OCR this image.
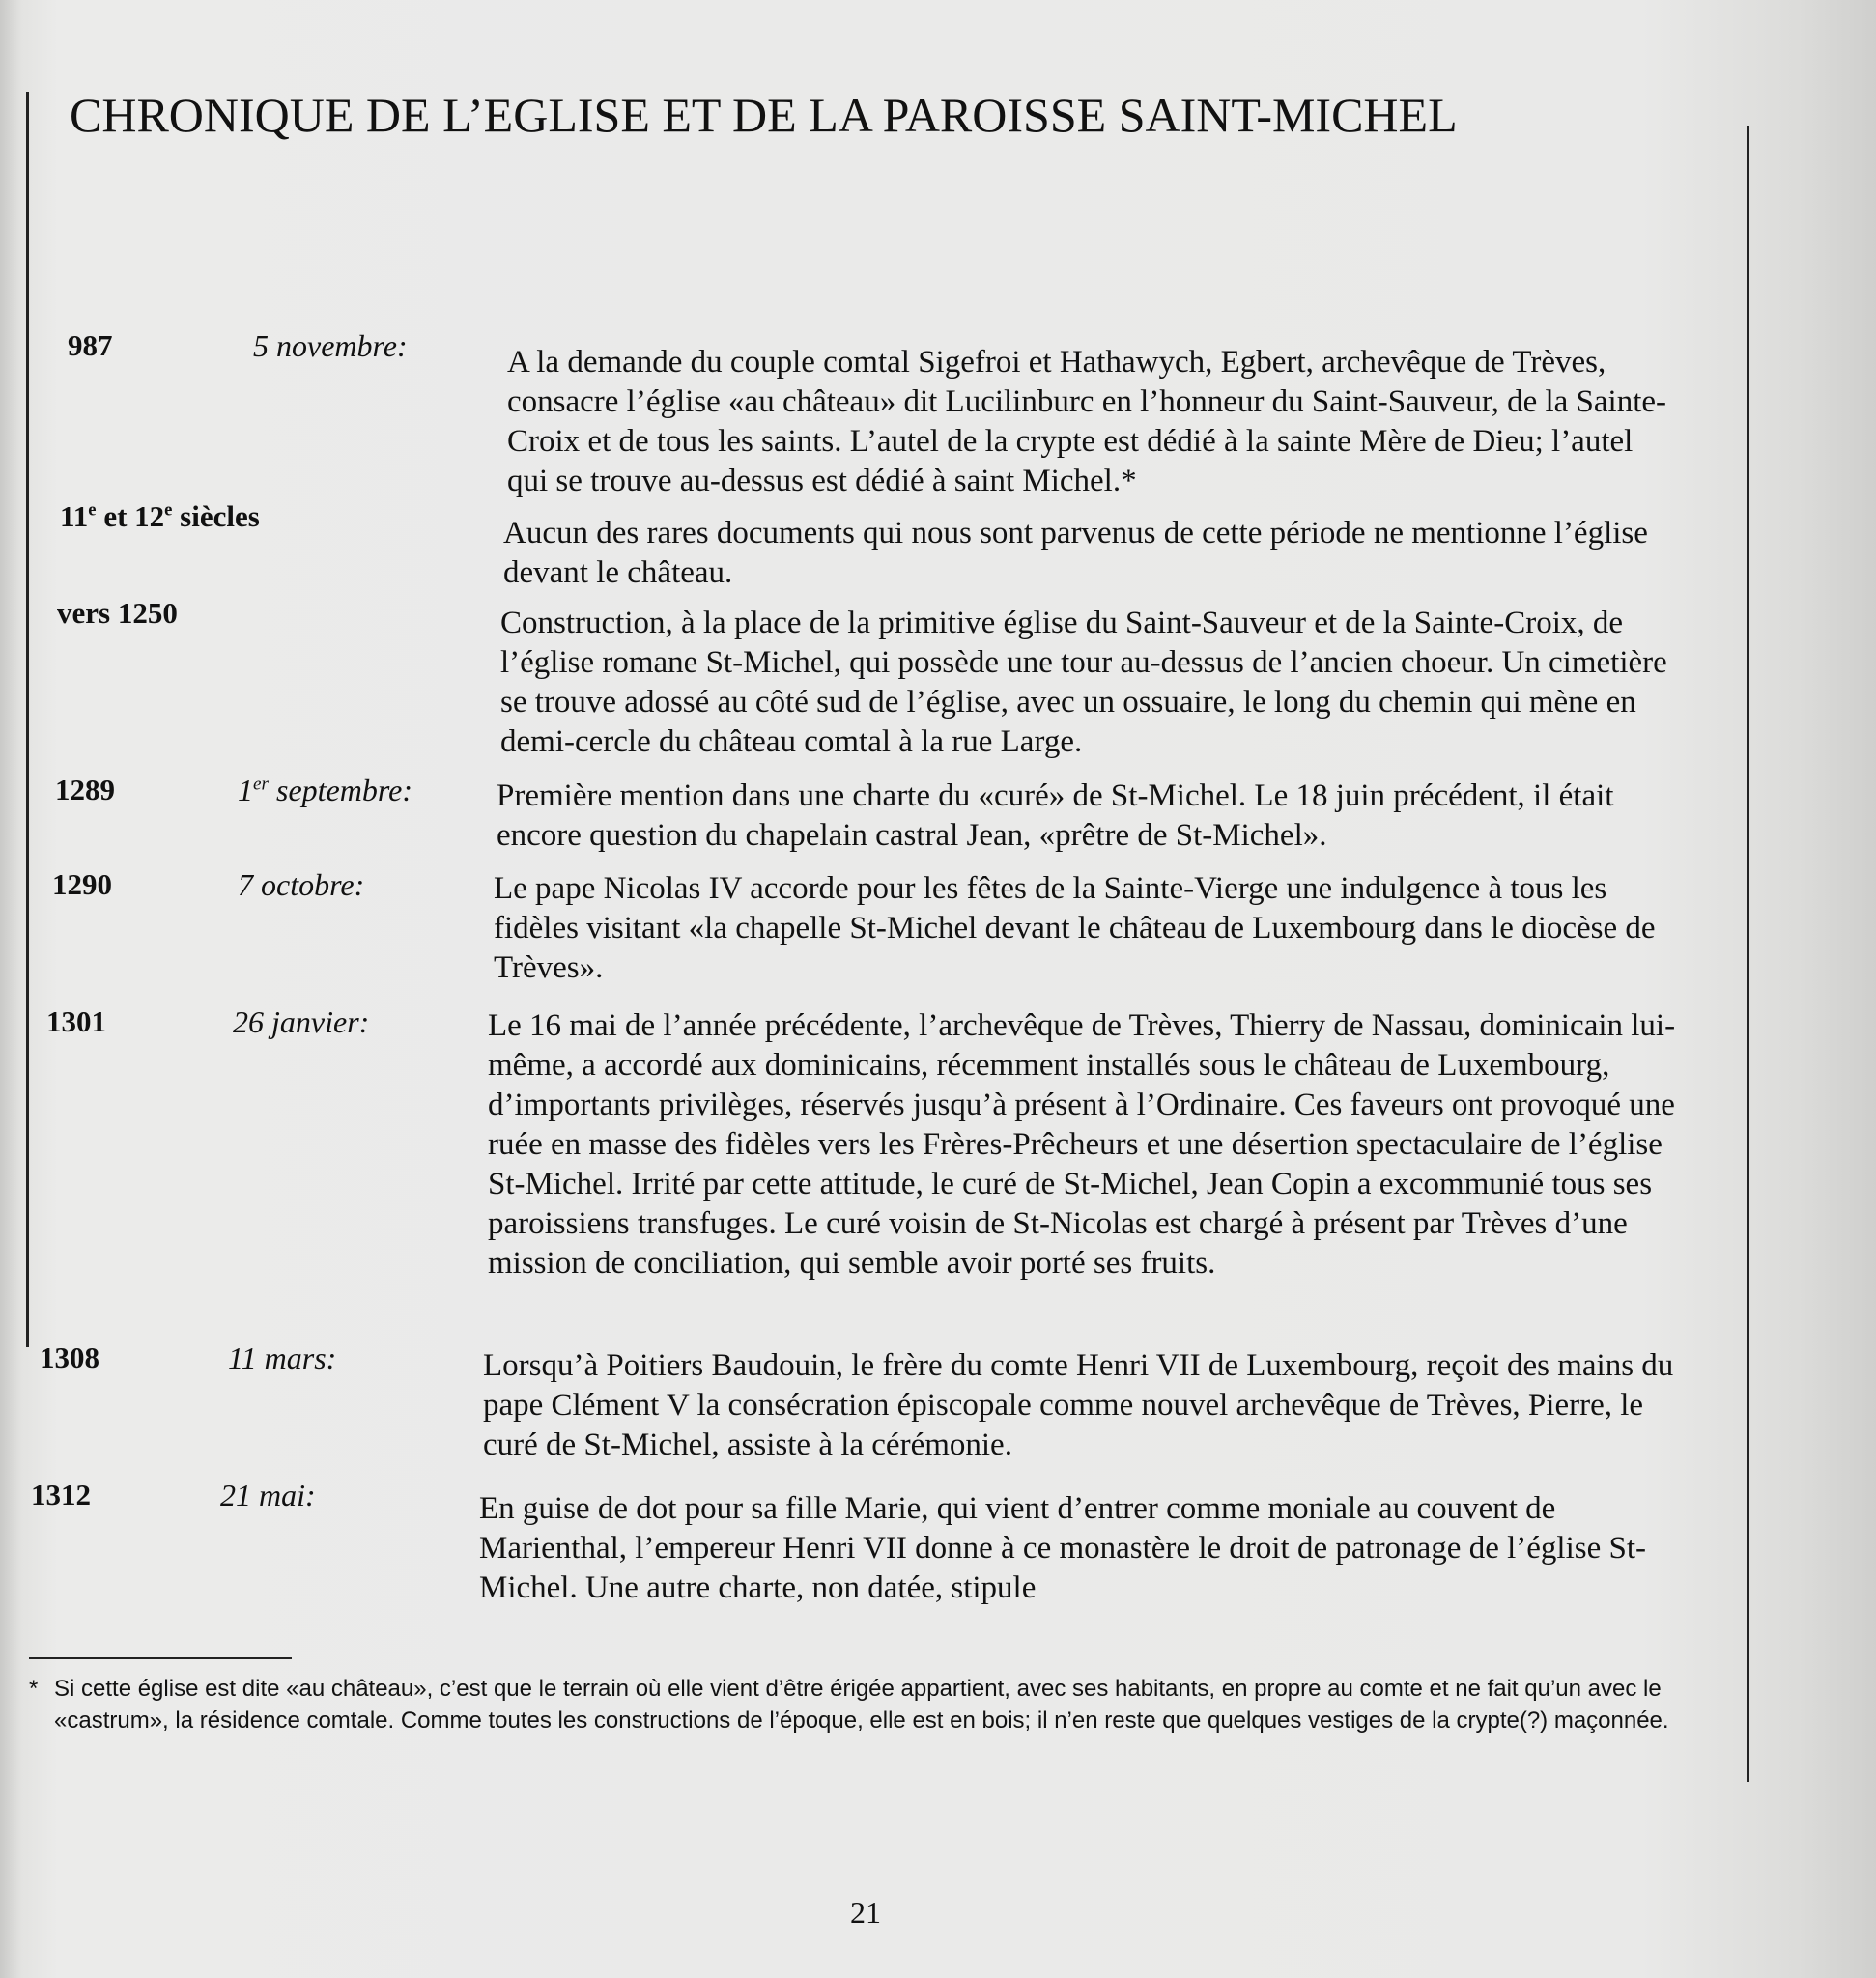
CHRONIQUE DE L’EGLISE ET DE LA PAROISSE SAINT-MICHEL
987	5 novembre:	A la demande du couple comtal Sigefroi et Hathawych, Egbert, archevêque de Trèves, consacre l’église «au château» dit Lucilinburc en l’honneur du Saint-Sauveur, de la Sainte-Croix et de tous les saints. L’autel de la crypte est dédié à la sainte Mère de Dieu; l’autel qui se trouve au-dessus est dédié à saint Michel.*

11e et 12e siècles	Aucun des rares documents qui nous sont parvenus de cette période ne mentionne l’église devant le château.

vers 1250	Construction, à la place de la primitive église du Saint-Sauveur et de la Sainte-Croix, de l’église romane St-Michel, qui possède une tour au-dessus de l’ancien choeur. Un cimetière se trouve adossé au côté sud de l’église, avec un ossuaire, le long du chemin qui mène en demi-cercle du château comtal à la rue Large.

1289	1er septembre:	Première mention dans une charte du «curé» de St-Michel. Le 18 juin précédent, il était encore question du chapelain castral Jean, «prêtre de St-Michel».

1290	7 octobre:	Le pape Nicolas IV accorde pour les fêtes de la Sainte-Vierge une indulgence à tous les fidèles visitant «la chapelle St-Michel devant le château de Luxembourg dans le diocèse de Trèves».

1301	26 janvier:	Le 16 mai de l’année précédente, l’archevêque de Trèves, Thierry de Nassau, dominicain lui-même, a accordé aux dominicains, récemment installés sous le château de Luxembourg, d’importants privilèges, réservés jusqu’à présent à l’Ordinaire. Ces faveurs ont provoqué une ruée en masse des fidèles vers les Frères-Prêcheurs et une désertion spectaculaire de l’église St-Michel. Irrité par cette attitude, le curé de St-Michel, Jean Copin a excommunié tous ses paroissiens transfuges. Le curé voisin de St-Nicolas est chargé à présent par Trèves d’une mission de conciliation, qui semble avoir porté ses fruits.

1308	11 mars:	Lorsqu’à Poitiers Baudouin, le frère du comte Henri VII de Luxembourg, reçoit des mains du pape Clément V la consécration épiscopale comme nouvel archevêque de Trèves, Pierre, le curé de St-Michel, assiste à la cérémonie.

1312	21 mai:	En guise de dot pour sa fille Marie, qui vient d’entrer comme moniale au couvent de Marienthal, l’empereur Henri VII donne à ce monastère le droit de patronage de l’église St-Michel. Une autre charte, non datée, stipule

* Si cette église est dite «au château», c’est que le terrain où elle vient d’être érigée appartient, avec ses habitants, en propre au comte et ne fait qu’un avec le «castrum», la résidence comtale. Comme toutes les constructions de l’époque, elle est en bois; il n’en reste que quelques vestiges de la crypte(?) maçonnée.
21
